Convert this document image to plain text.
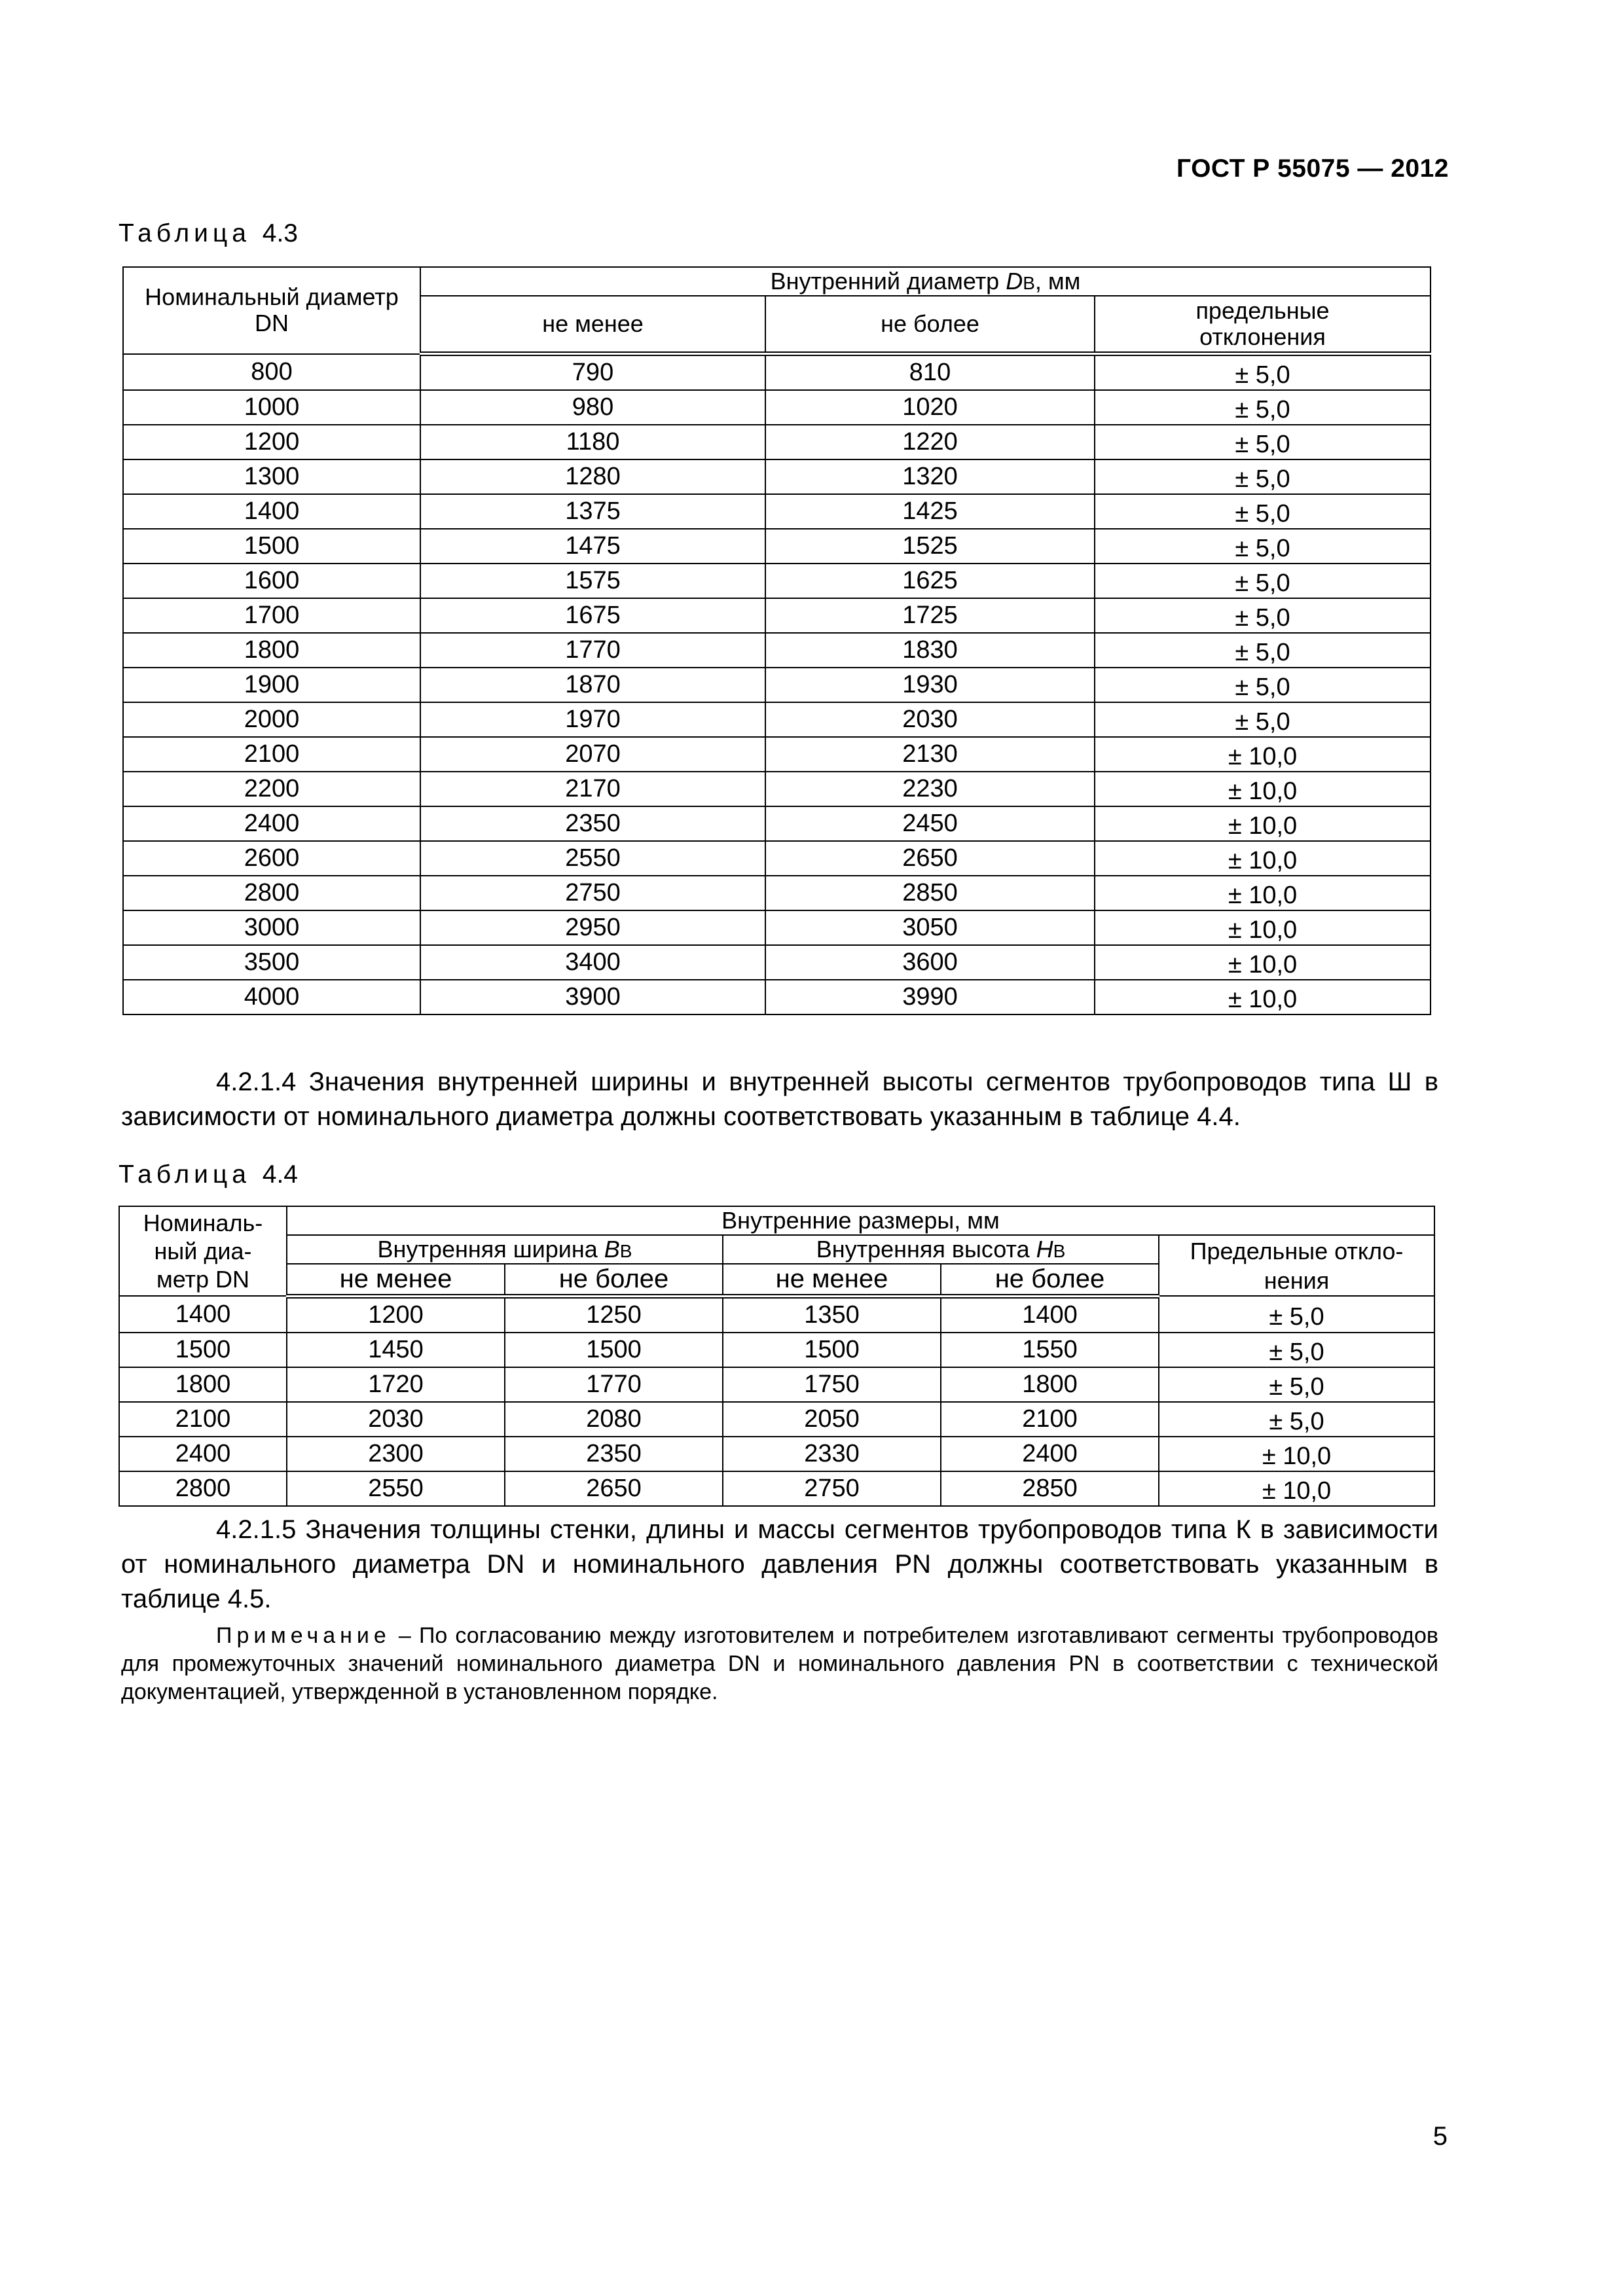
ГОСТ Р 55075 — 2012
Таблица 4.3
Номинальный диаметр
DN	Внутренний диаметр DВ, мм		
	не менее	не более	предельные
отклонения

800	790	810	± 5,0
1000	980	1020	± 5,0
1200	1180	1220	± 5,0
1300	1280	1320	± 5,0
1400	1375	1425	± 5,0
1500	1475	1525	± 5,0
1600	1575	1625	± 5,0
1700	1675	1725	± 5,0
1800	1770	1830	± 5,0
1900	1870	1930	± 5,0
2000	1970	2030	± 5,0
2100	2070	2130	± 10,0
2200	2170	2230	± 10,0
2400	2350	2450	± 10,0
2600	2550	2650	± 10,0
2800	2750	2850	± 10,0
3000	2950	3050	± 10,0
3500	3400	3600	± 10,0
4000	3900	3990	± 10,0
4.2.1.4 Значения внутренней ширины и внутренней высоты сегментов трубопроводов типа Ш в зависимости от номинального диаметра должны соответствовать указанным в таблице 4.4.
Таблица 4.4
Номиналь-
ный диа-
метр DN	Внутренние размеры, мм				
	Внутренняя ширина BВ		Внутренняя высота HВ		Предельные откло-
нения

	не менее	не более	не менее	не более	
1400	1200	1250	1350	1400	± 5,0
1500	1450	1500	1500	1550	± 5,0
1800	1720	1770	1750	1800	± 5,0
2100	2030	2080	2050	2100	± 5,0
2400	2300	2350	2330	2400	± 10,0
2800	2550	2650	2750	2850	± 10,0
4.2.1.5 Значения толщины стенки, длины и массы сегментов трубопроводов типа К в зависимости от номинального диаметра DN и номинального давления PN должны соответствовать указанным в таблице 4.5.
Примечание – По согласованию между изготовителем и потребителем изготавливают сегменты трубопроводов для промежуточных значений номинального диаметра DN и номинального давления PN в соответствии с технической документацией, утвержденной в установленном порядке.
5
